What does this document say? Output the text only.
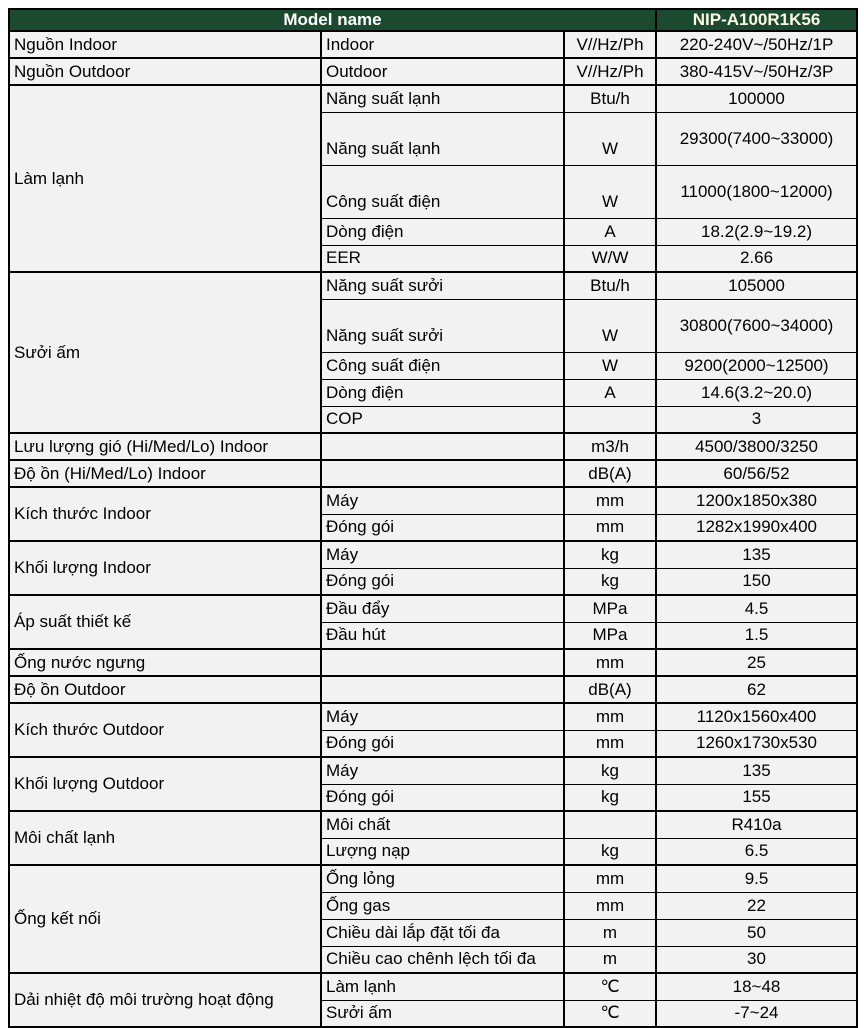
Model name			NIP-A100R1K56
Nguồn Indoor	Indoor	V//Hz/Ph	220-240V~/50Hz/1P
Nguồn Outdoor	Outdoor	V//Hz/Ph	380-415V~/50Hz/3P
Làm lạnh	Năng suất lạnh	Btu/h	100000
	Năng suất lạnh	W	29300(7400~33000)
	Công suất điện	W	11000(1800~12000)
	Dòng điện	A	18.2(2.9~19.2)
	EER	W/W	2.66
Sưởi ấm	Năng suất sưởi	Btu/h	105000
	Năng suất sưởi	W	30800(7600~34000)
	Công suất điện	W	9200(2000~12500)
	Dòng điện	A	14.6(3.2~20.0)
	COP		3
Lưu lượng gió (Hi/Med/Lo) Indoor		m3/h	4500/3800/3250
Độ ồn (Hi/Med/Lo) Indoor		dB(A)	60/56/52
Kích thước Indoor	Máy	mm	1200x1850x380
	Đóng gói	mm	1282x1990x400
Khối lượng Indoor	Máy	kg	135
	Đóng gói	kg	150
Áp suất thiết kế	Đầu đẩy	MPa	4.5
	Đầu hút	MPa	1.5
Ống nước ngưng		mm	25
Độ ồn Outdoor		dB(A)	62
Kích thước Outdoor	Máy	mm	1120x1560x400
	Đóng gói	mm	1260x1730x530
Khối lượng Outdoor	Máy	kg	135
	Đóng gói	kg	155
Môi chất lạnh	Môi chất		R410a
	Lượng nạp	kg	6.5
Ống kết nối	Ống lỏng	mm	9.5
	Ống gas	mm	22
	Chiều dài lắp đặt tối đa	m	50
	Chiều cao chênh lệch tối đa	m	30
Dải nhiệt độ môi trường hoạt động	Làm lạnh	℃	18~48
	Sưởi ấm	℃	-7~24
